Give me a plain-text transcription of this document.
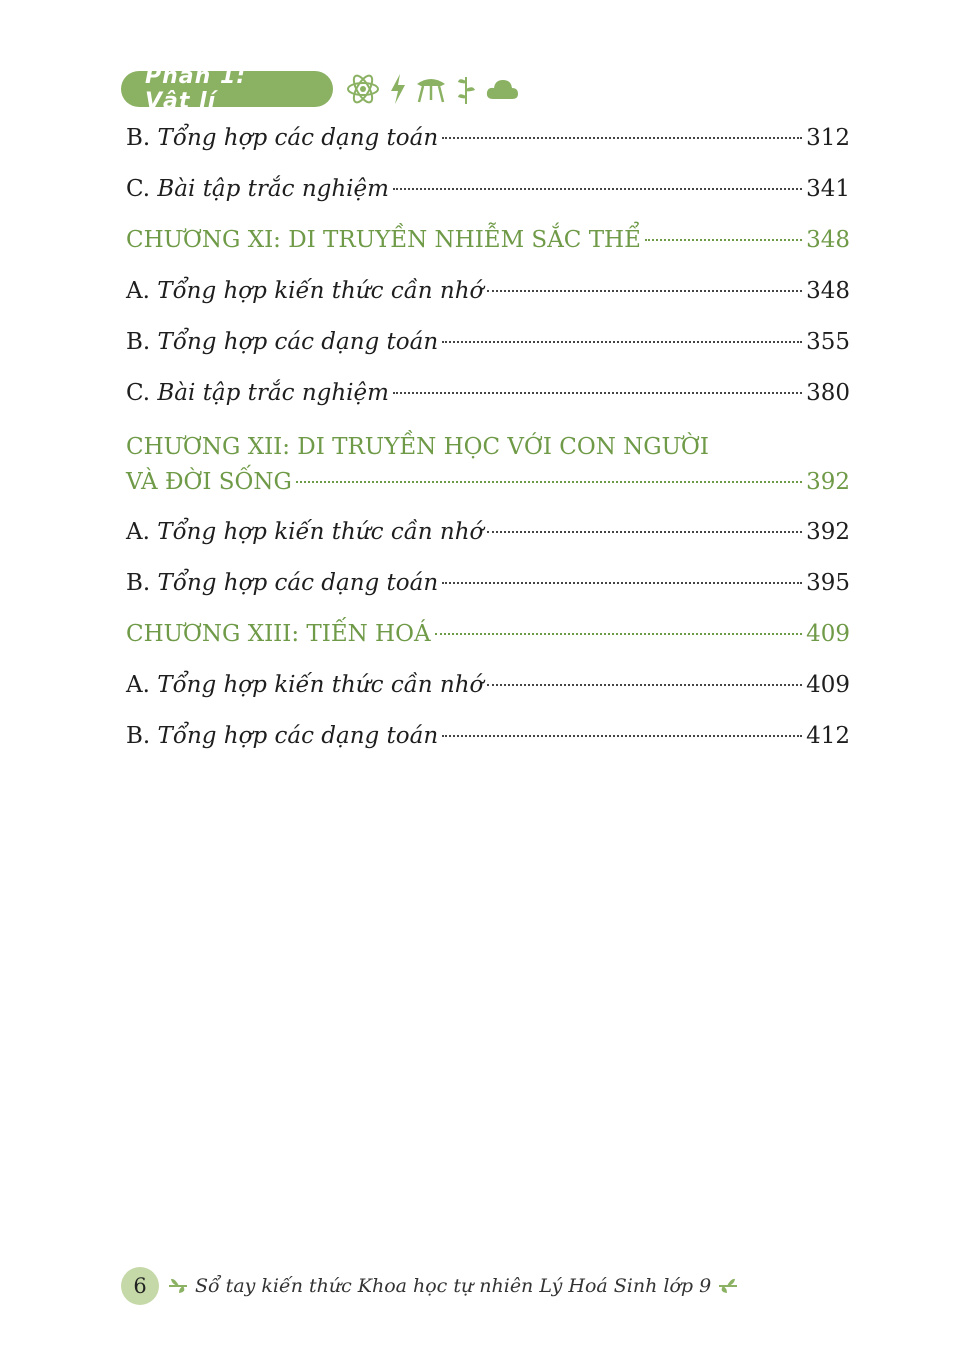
Phần 1: Vật lí
B. Tổng hợp các dạng toán	312
C. Bài tập trắc nghiệm	341
CHƯƠNG XI: DI TRUYỀN NHIỄM SẮC THỂ	348
A. Tổng hợp kiến thức cần nhớ	348
B. Tổng hợp các dạng toán	355
C. Bài tập trắc nghiệm	380
CHƯƠNG XII: DI TRUYỀN HỌC VỚI CON NGƯỜI
VÀ ĐỜI SỐNG	392
A. Tổng hợp kiến thức cần nhớ	392
B. Tổng hợp các dạng toán	395
CHƯƠNG XIII: TIẾN HOÁ	409
A. Tổng hợp kiến thức cần nhớ	409
B. Tổng hợp các dạng toán	412
6	Sổ tay kiến thức Khoa học tự nhiên Lý Hoá Sinh lớp 9
